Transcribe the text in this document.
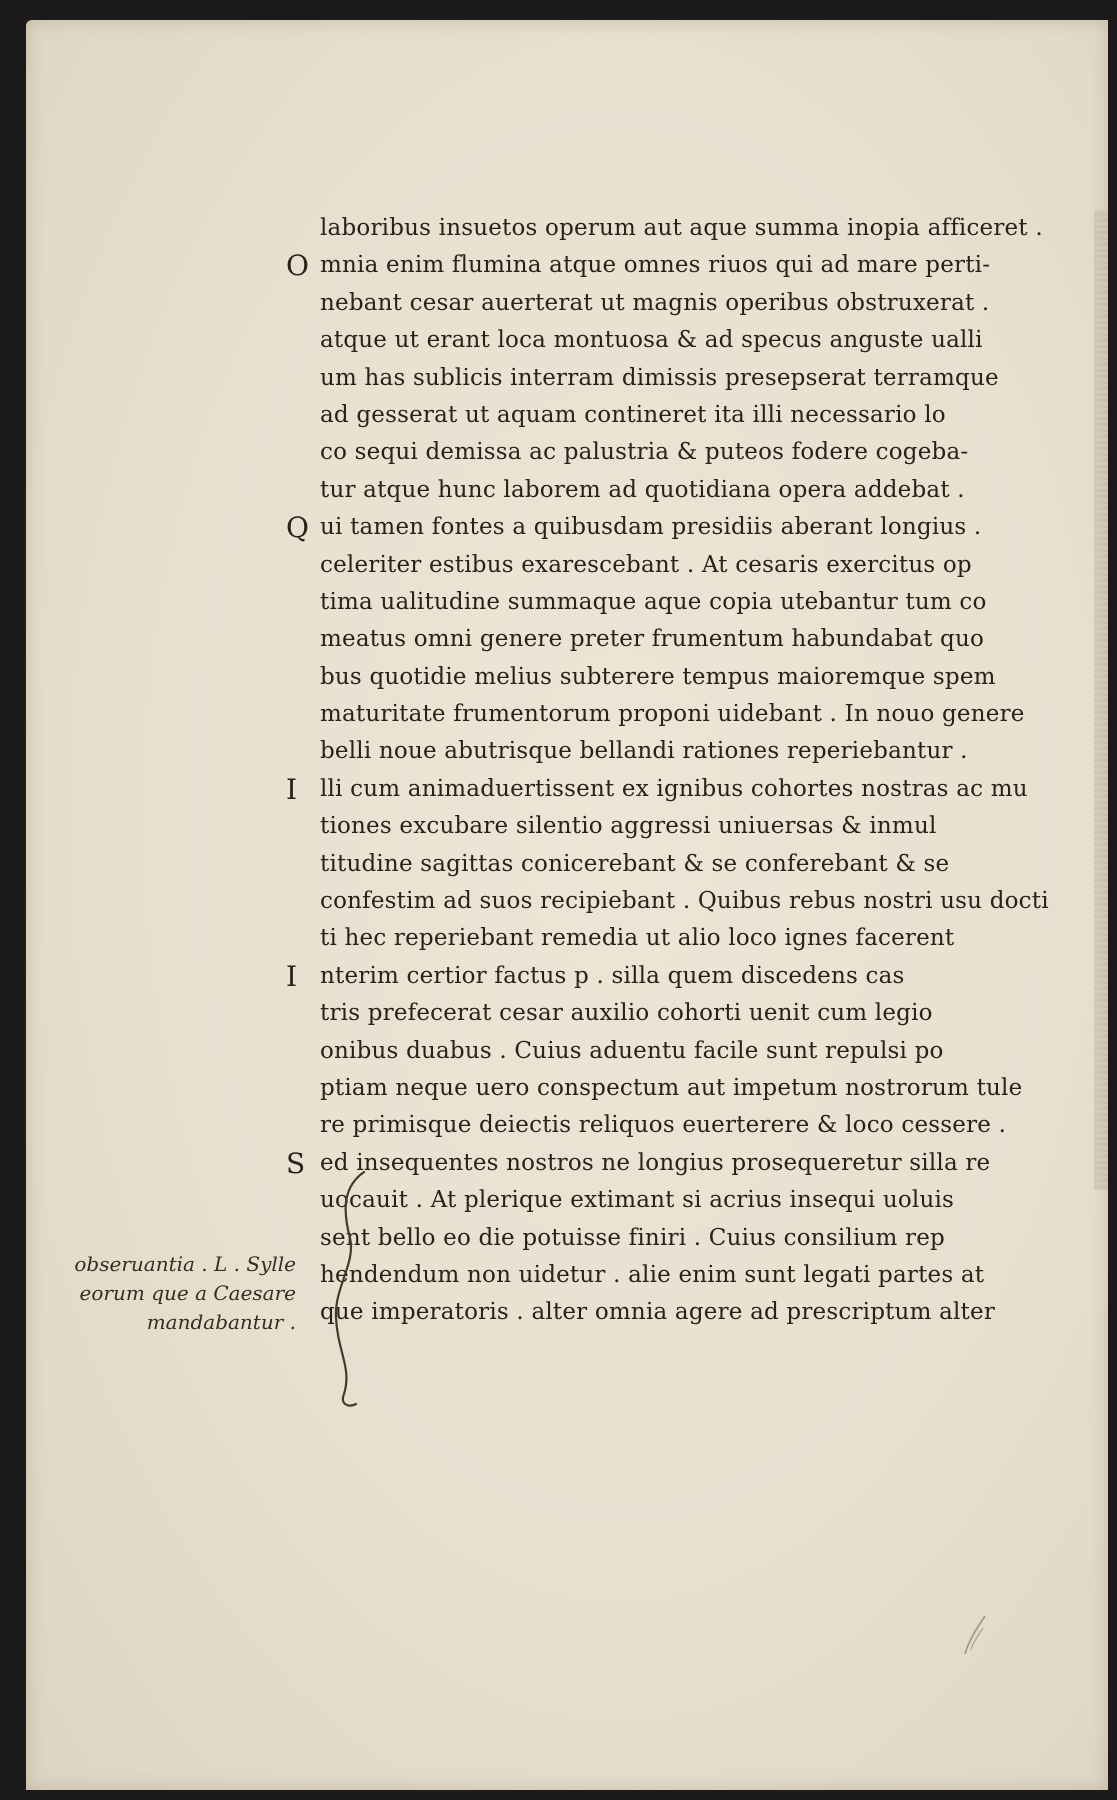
laboribus insuetos operum aut aque summa inopia afficeret .
O mnia enim flumina atque omnes riuos qui ad mare perti-
nebant cesar auerterat ut magnis operibus obstruxerat .
atque ut erant loca montuosa & ad specus anguste ualli
um has sublicis interram dimissis presepserat terramque
ad gesserat ut aquam contineret ita illi necessario lo
co sequi demissa ac palustria & puteos fodere cogeba-
tur atque hunc laborem ad quotidiana opera addebat .
Q ui tamen fontes a quibusdam presidiis aberant longius .
celeriter estibus exarescebant . At cesaris exercitus op
tima ualitudine summaque aque copia utebantur tum co
meatus omni genere preter frumentum habundabat quo
bus quotidie melius subterere tempus maioremque spem
maturitate frumentorum proponi uidebant . In nouo genere
belli noue abutrisque bellandi rationes reperiebantur .
I lli cum animaduertissent ex ignibus cohortes nostras ac mu
tiones excubare silentio aggressi uniuersas & inmul
titudine sagittas conicerebant & se conferebant & se
confestim ad suos recipiebant . Quibus rebus nostri usu docti
ti hec reperiebant remedia ut alio loco ignes facerent
I nterim certior factus p . silla quem discedens cas
tris prefecerat cesar auxilio cohorti uenit cum legio
onibus duabus . Cuius aduentu facile sunt repulsi po
ptiam neque uero conspectum aut impetum nostrorum tule
re primisque deiectis reliquos euerterere & loco cessere .
S ed insequentes nostros ne longius prosequeretur silla re
uocauit . At plerique extimant si acrius insequi uoluis
sent bello eo die potuisse finiri . Cuius consilium rep
hendendum non uidetur . alie enim sunt legati partes at
que imperatoris . alter omnia agere ad prescriptum alter
obseruantia . L . Sylle
eorum que a Caesare
mandabantur .
